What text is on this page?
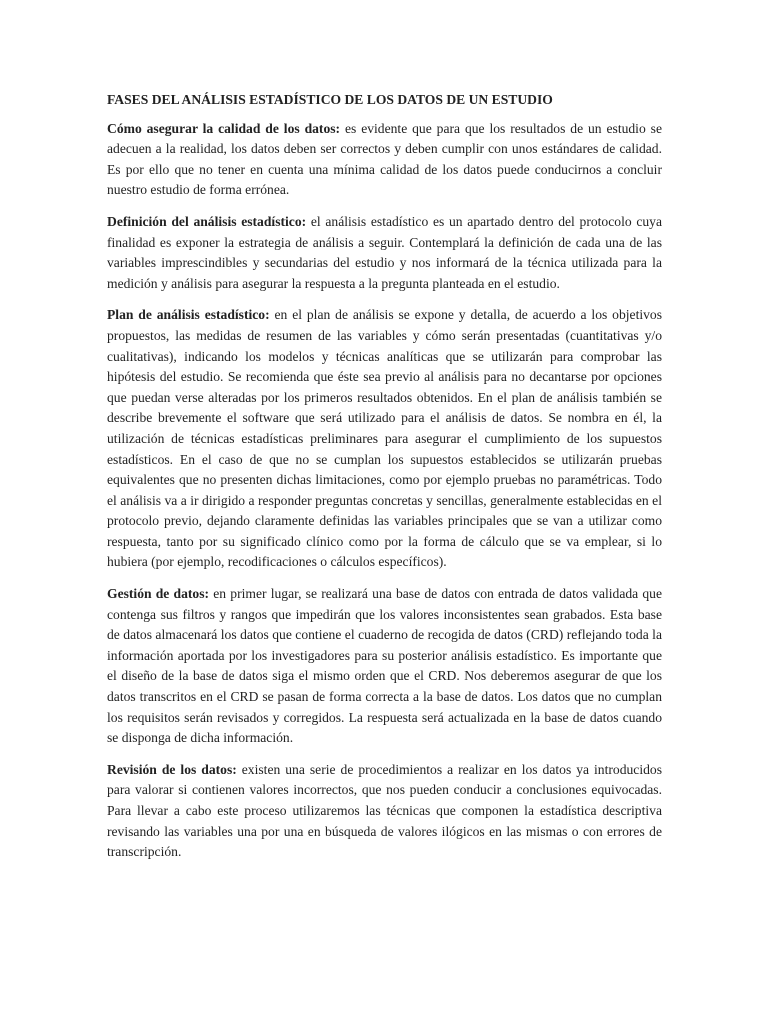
FASES DEL ANÁLISIS ESTADÍSTICO DE LOS DATOS DE UN ESTUDIO

Cómo asegurar la calidad de los datos: es evidente que para que los resultados de un estudio se adecuen a la realidad, los datos deben ser correctos y deben cumplir con unos estándares de calidad. Es por ello que no tener en cuenta una mínima calidad de los datos puede conducirnos a concluir nuestro estudio de forma errónea.

Definición del análisis estadístico: el análisis estadístico es un apartado dentro del protocolo cuya finalidad es exponer la estrategia de análisis a seguir. Contemplará la definición de cada una de las variables imprescindibles y secundarias del estudio y nos informará de la técnica utilizada para la medición y análisis para asegurar la respuesta a la pregunta planteada en el estudio.

Plan de análisis estadístico: en el plan de análisis se expone y detalla, de acuerdo a los objetivos propuestos, las medidas de resumen de las variables y cómo serán presentadas (cuantitativas y/o cualitativas), indicando los modelos y técnicas analíticas que se utilizarán para comprobar las hipótesis del estudio. Se recomienda que éste sea previo al análisis para no decantarse por opciones que puedan verse alteradas por los primeros resultados obtenidos. En el plan de análisis también se describe brevemente el software que será utilizado para el análisis de datos. Se nombra en él, la utilización de técnicas estadísticas preliminares para asegurar el cumplimiento de los supuestos estadísticos. En el caso de que no se cumplan los supuestos establecidos se utilizarán pruebas equivalentes que no presenten dichas limitaciones, como por ejemplo pruebas no paramétricas. Todo el análisis va a ir dirigido a responder preguntas concretas y sencillas, generalmente establecidas en el protocolo previo, dejando claramente definidas las variables principales que se van a utilizar como respuesta, tanto por su significado clínico como por la forma de cálculo que se va emplear, si lo hubiera (por ejemplo, recodificaciones o cálculos específicos).

Gestión de datos: en primer lugar, se realizará una base de datos con entrada de datos validada que contenga sus filtros y rangos que impedirán que los valores inconsistentes sean grabados. Esta base de datos almacenará los datos que contiene el cuaderno de recogida de datos (CRD) reflejando toda la información aportada por los investigadores para su posterior análisis estadístico. Es importante que el diseño de la base de datos siga el mismo orden que el CRD. Nos deberemos asegurar de que los datos transcritos en el CRD se pasan de forma correcta a la base de datos. Los datos que no cumplan los requisitos serán revisados y corregidos. La respuesta será actualizada en la base de datos cuando se disponga de dicha información.

Revisión de los datos: existen una serie de procedimientos a realizar en los datos ya introducidos para valorar si contienen valores incorrectos, que nos pueden conducir a conclusiones equivocadas. Para llevar a cabo este proceso utilizaremos las técnicas que componen la estadística descriptiva revisando las variables una por una en búsqueda de valores ilógicos en las mismas o con errores de transcripción.
